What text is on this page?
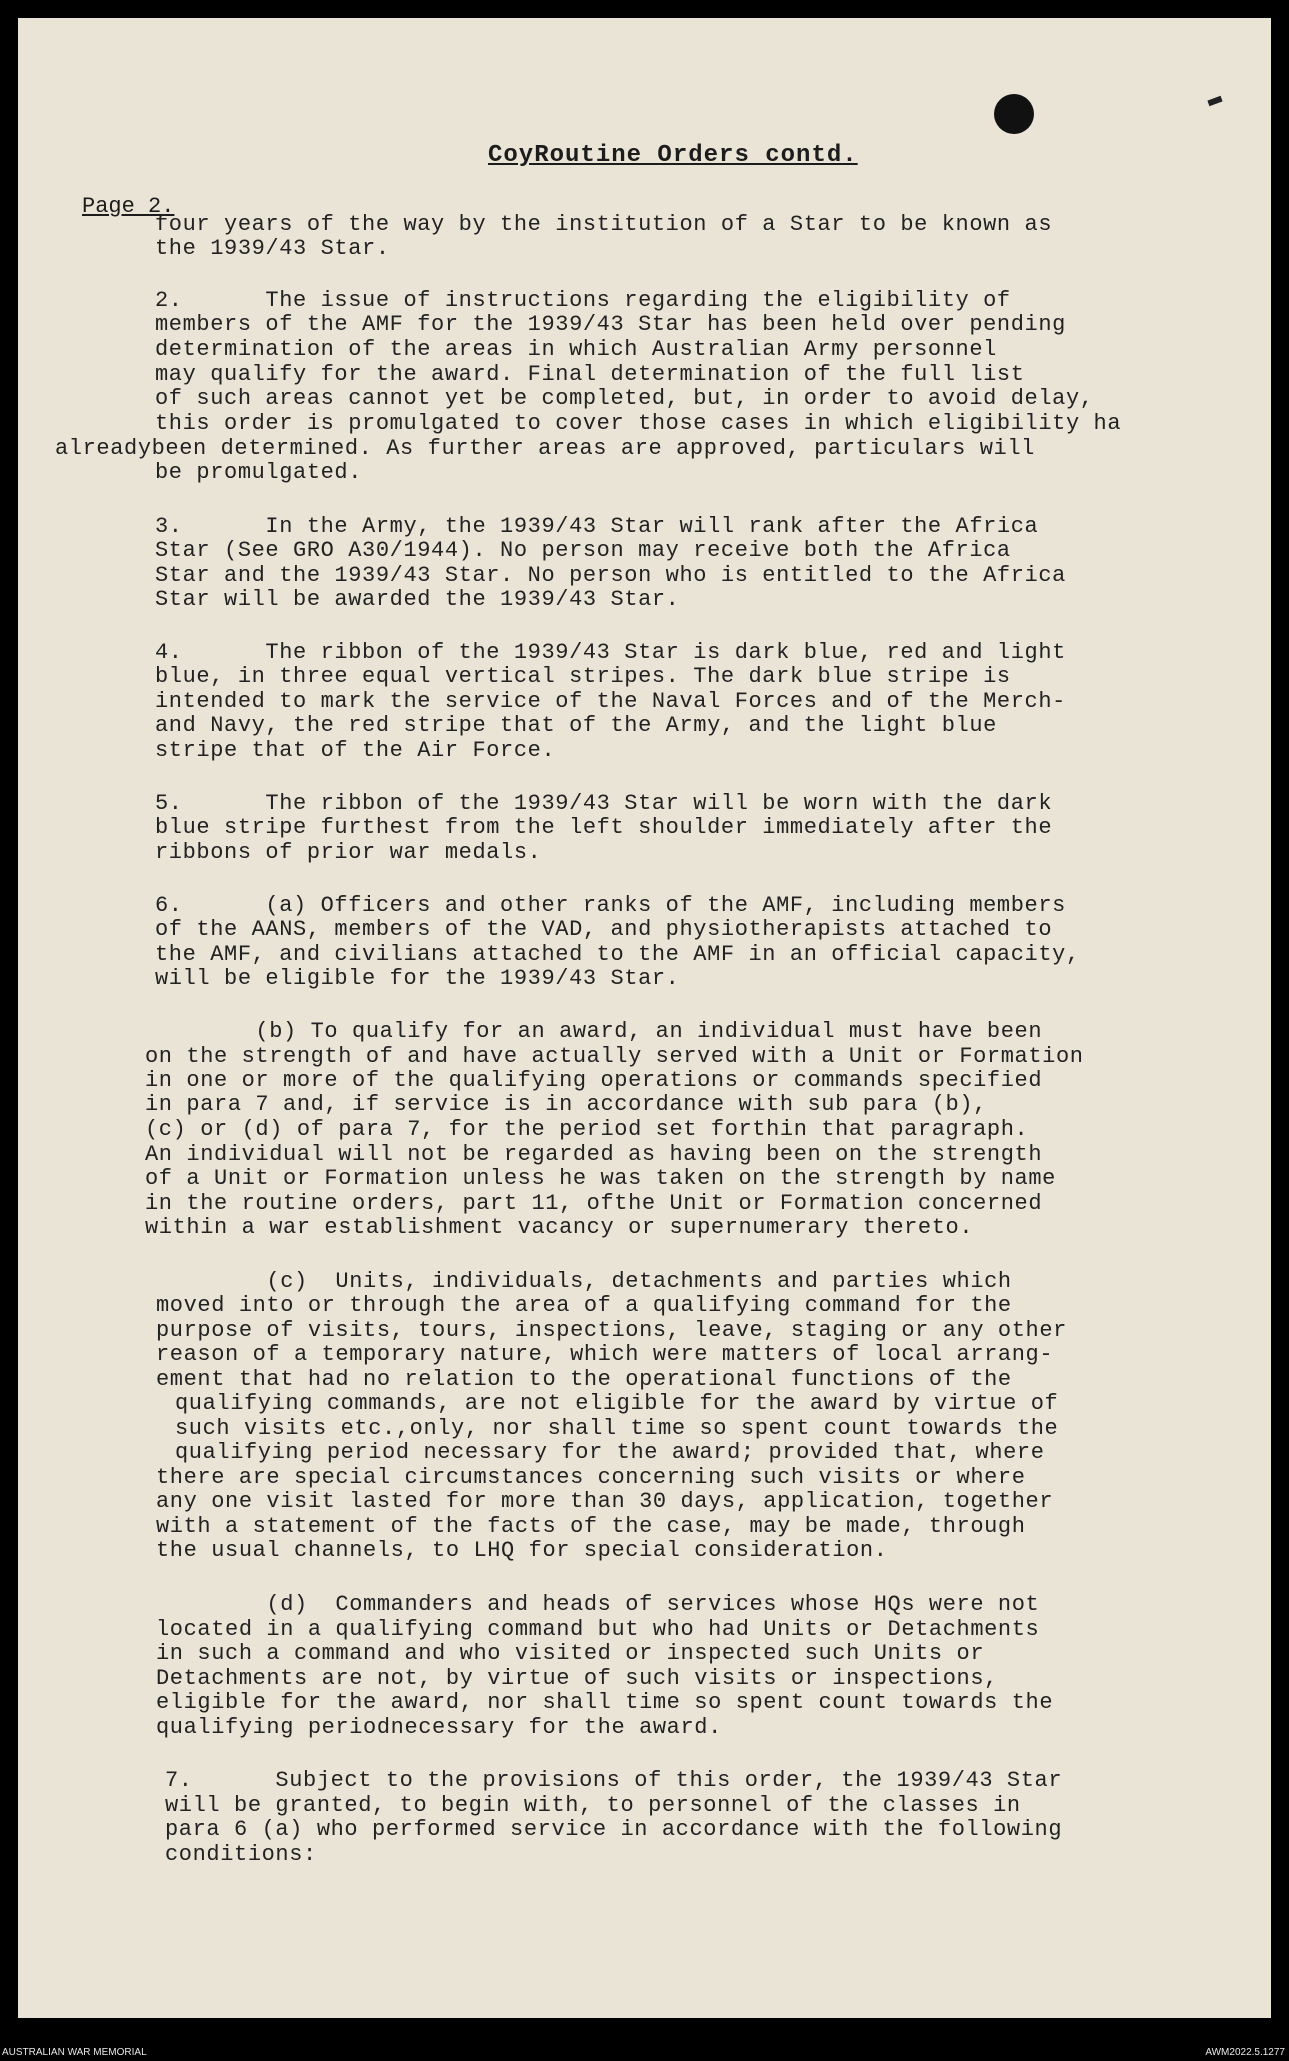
CoyRoutine Orders contd.
Page 2.
four years of the way by the institution of a Star to be known as
the 1939/43 Star.
2.      The issue of instructions regarding the eligibility of
members of the AMF for the 1939/43 Star has been held over pending
determination of the areas in which Australian Army personnel
may qualify for the award. Final determination of the full list
of such areas cannot yet be completed, but, in order to avoid delay,
this order is promulgated to cover those cases in which eligibility ha
alreadybeen determined. As further areas are approved, particulars will
be promulgated.
3.      In the Army, the 1939/43 Star will rank after the Africa
Star (See GRO A30/1944). No person may receive both the Africa
Star and the 1939/43 Star. No person who is entitled to the Africa
Star will be awarded the 1939/43 Star.
4.      The ribbon of the 1939/43 Star is dark blue, red and light
blue, in three equal vertical stripes. The dark blue stripe is
intended to mark the service of the Naval Forces and of the Merch-
and Navy, the red stripe that of the Army, and the light blue
stripe that of the Air Force.
5.      The ribbon of the 1939/43 Star will be worn with the dark
blue stripe furthest from the left shoulder immediately after the
ribbons of prior war medals.
6.      (a) Officers and other ranks of the AMF, including members
of the AANS, members of the VAD, and physiotherapists attached to
the AMF, and civilians attached to the AMF in an official capacity,
will be eligible for the 1939/43 Star.
(b) To qualify for an award, an individual must have been
on the strength of and have actually served with a Unit or Formation
in one or more of the qualifying operations or commands specified
in para 7 and, if service is in accordance with sub para (b),
(c) or (d) of para 7, for the period set forthin that paragraph.
An individual will not be regarded as having been on the strength
of a Unit or Formation unless he was taken on the strength by name
in the routine orders, part 11, ofthe Unit or Formation concerned
within a war establishment vacancy or supernumerary thereto.
(c)  Units, individuals, detachments and parties which
moved into or through the area of a qualifying command for the
purpose of visits, tours, inspections, leave, staging or any other
reason of a temporary nature, which were matters of local arrang-
ement that had no relation to the operational functions of the
qualifying commands, are not eligible for the award by virtue of
such visits etc.,only, nor shall time so spent count towards the
qualifying period necessary for the award; provided that, where
there are special circumstances concerning such visits or where
any one visit lasted for more than 30 days, application, together
with a statement of the facts of the case, may be made, through
the usual channels, to LHQ for special consideration.
(d)  Commanders and heads of services whose HQs were not
located in a qualifying command but who had Units or Detachments
in such a command and who visited or inspected such Units or
Detachments are not, by virtue of such visits or inspections,
eligible for the award, nor shall time so spent count towards the
qualifying periodnecessary for the award.
7.      Subject to the provisions of this order, the 1939/43 Star
will be granted, to begin with, to personnel of the classes in
para 6 (a) who performed service in accordance with the following
conditions:
AUSTRALIAN WAR MEMORIAL	AWM2022.5.1277
